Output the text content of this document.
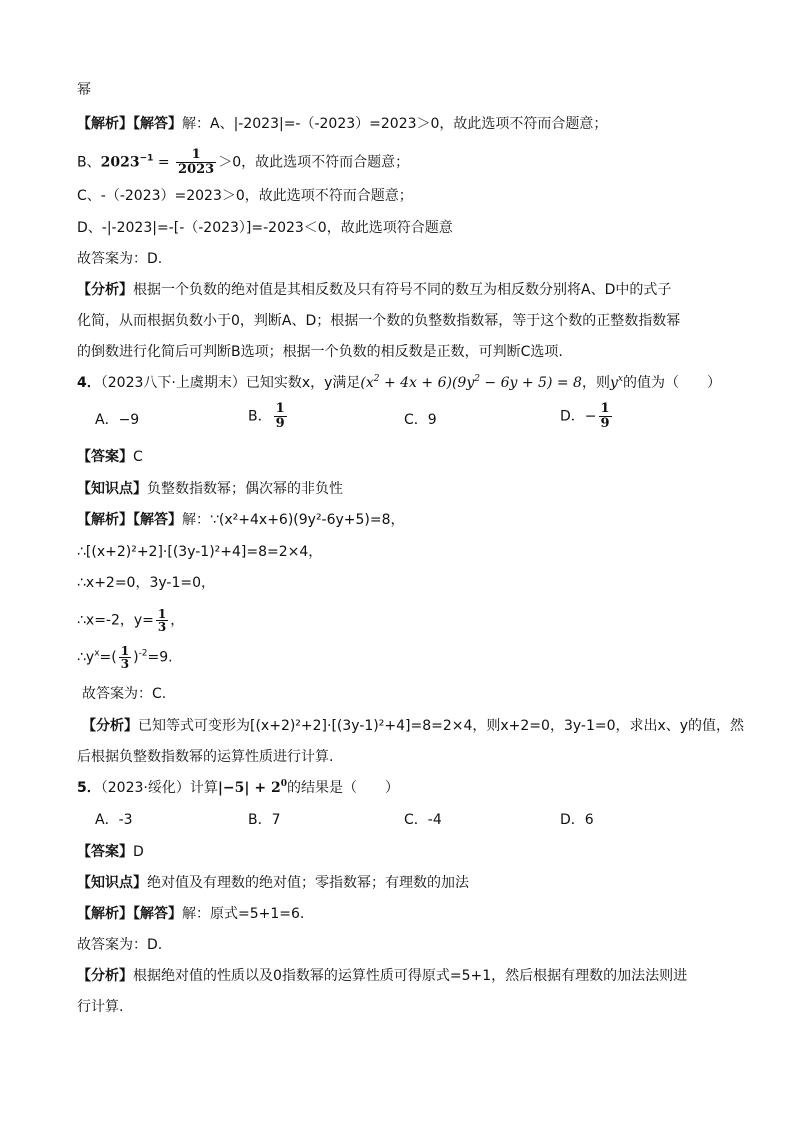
幂
【解析】【解答】解：A、|-2023|=-（-2023）=2023＞0，故此选项不符而合题意；
B、$2023^{-1} = \frac{1}{2023} >0$，故此选项不符而合题意；
C、-（-2023）=2023＞0，故此选项不符而合题意；
D、-|-2023|=-[-（-2023）]=-2023＜0，故此选项符合题意
故答案为：D.
【分析】根据一个负数的绝对值是其相反数及只有符号不同的数互为相反数分别将A、D中的式子
化简，从而根据负数小于0，判断A、D；根据一个数的负整数指数幂，等于这个数的正整数指数幂
的倒数进行化简后可判断B选项；根据一个负数的相反数是正数，可判断C选项.
4．（2023八下·上虞期末）已知实数x，y满足$(x^2 + 4x + 6)(9y^2 - 6y + 5) = 8$，则$y^x$的值为（　　）
A．−9	B． $\frac{1}{9}$	C．9	D．− $\frac{1}{9}$
【答案】C
【知识点】负整数指数幂；偶次幂的非负性
【解析】【解答】解：∵(x²+4x+6)(9y²-6y+5)=8，
∴[(x+2)²+2]·[(3y-1)²+4]=8=2×4，
∴x+2=0，3y-1=0，
∴x=-2，$y= \frac{1}{3}$ ，
$\therefore y^x=( \frac{1}{3} )^{-2}=9$.
故答案为：C.
【分析】已知等式可变形为[(x+2)²+2]·[(3y-1)²+4]=8=2×4，则x+2=0，3y-1=0，求出x、y的值，然
后根据负整数指数幂的运算性质进行计算.
5．（2023·绥化）计算$|-5| + 2^0$的结果是（　　）
A．-3	B．7	C．-4	D．6
【答案】D
【知识点】绝对值及有理数的绝对值；零指数幂；有理数的加法
【解析】【解答】解：原式=5+1=6.
故答案为：D.
【分析】根据绝对值的性质以及0指数幂的运算性质可得原式=5+1，然后根据有理数的加法法则进
行计算.
